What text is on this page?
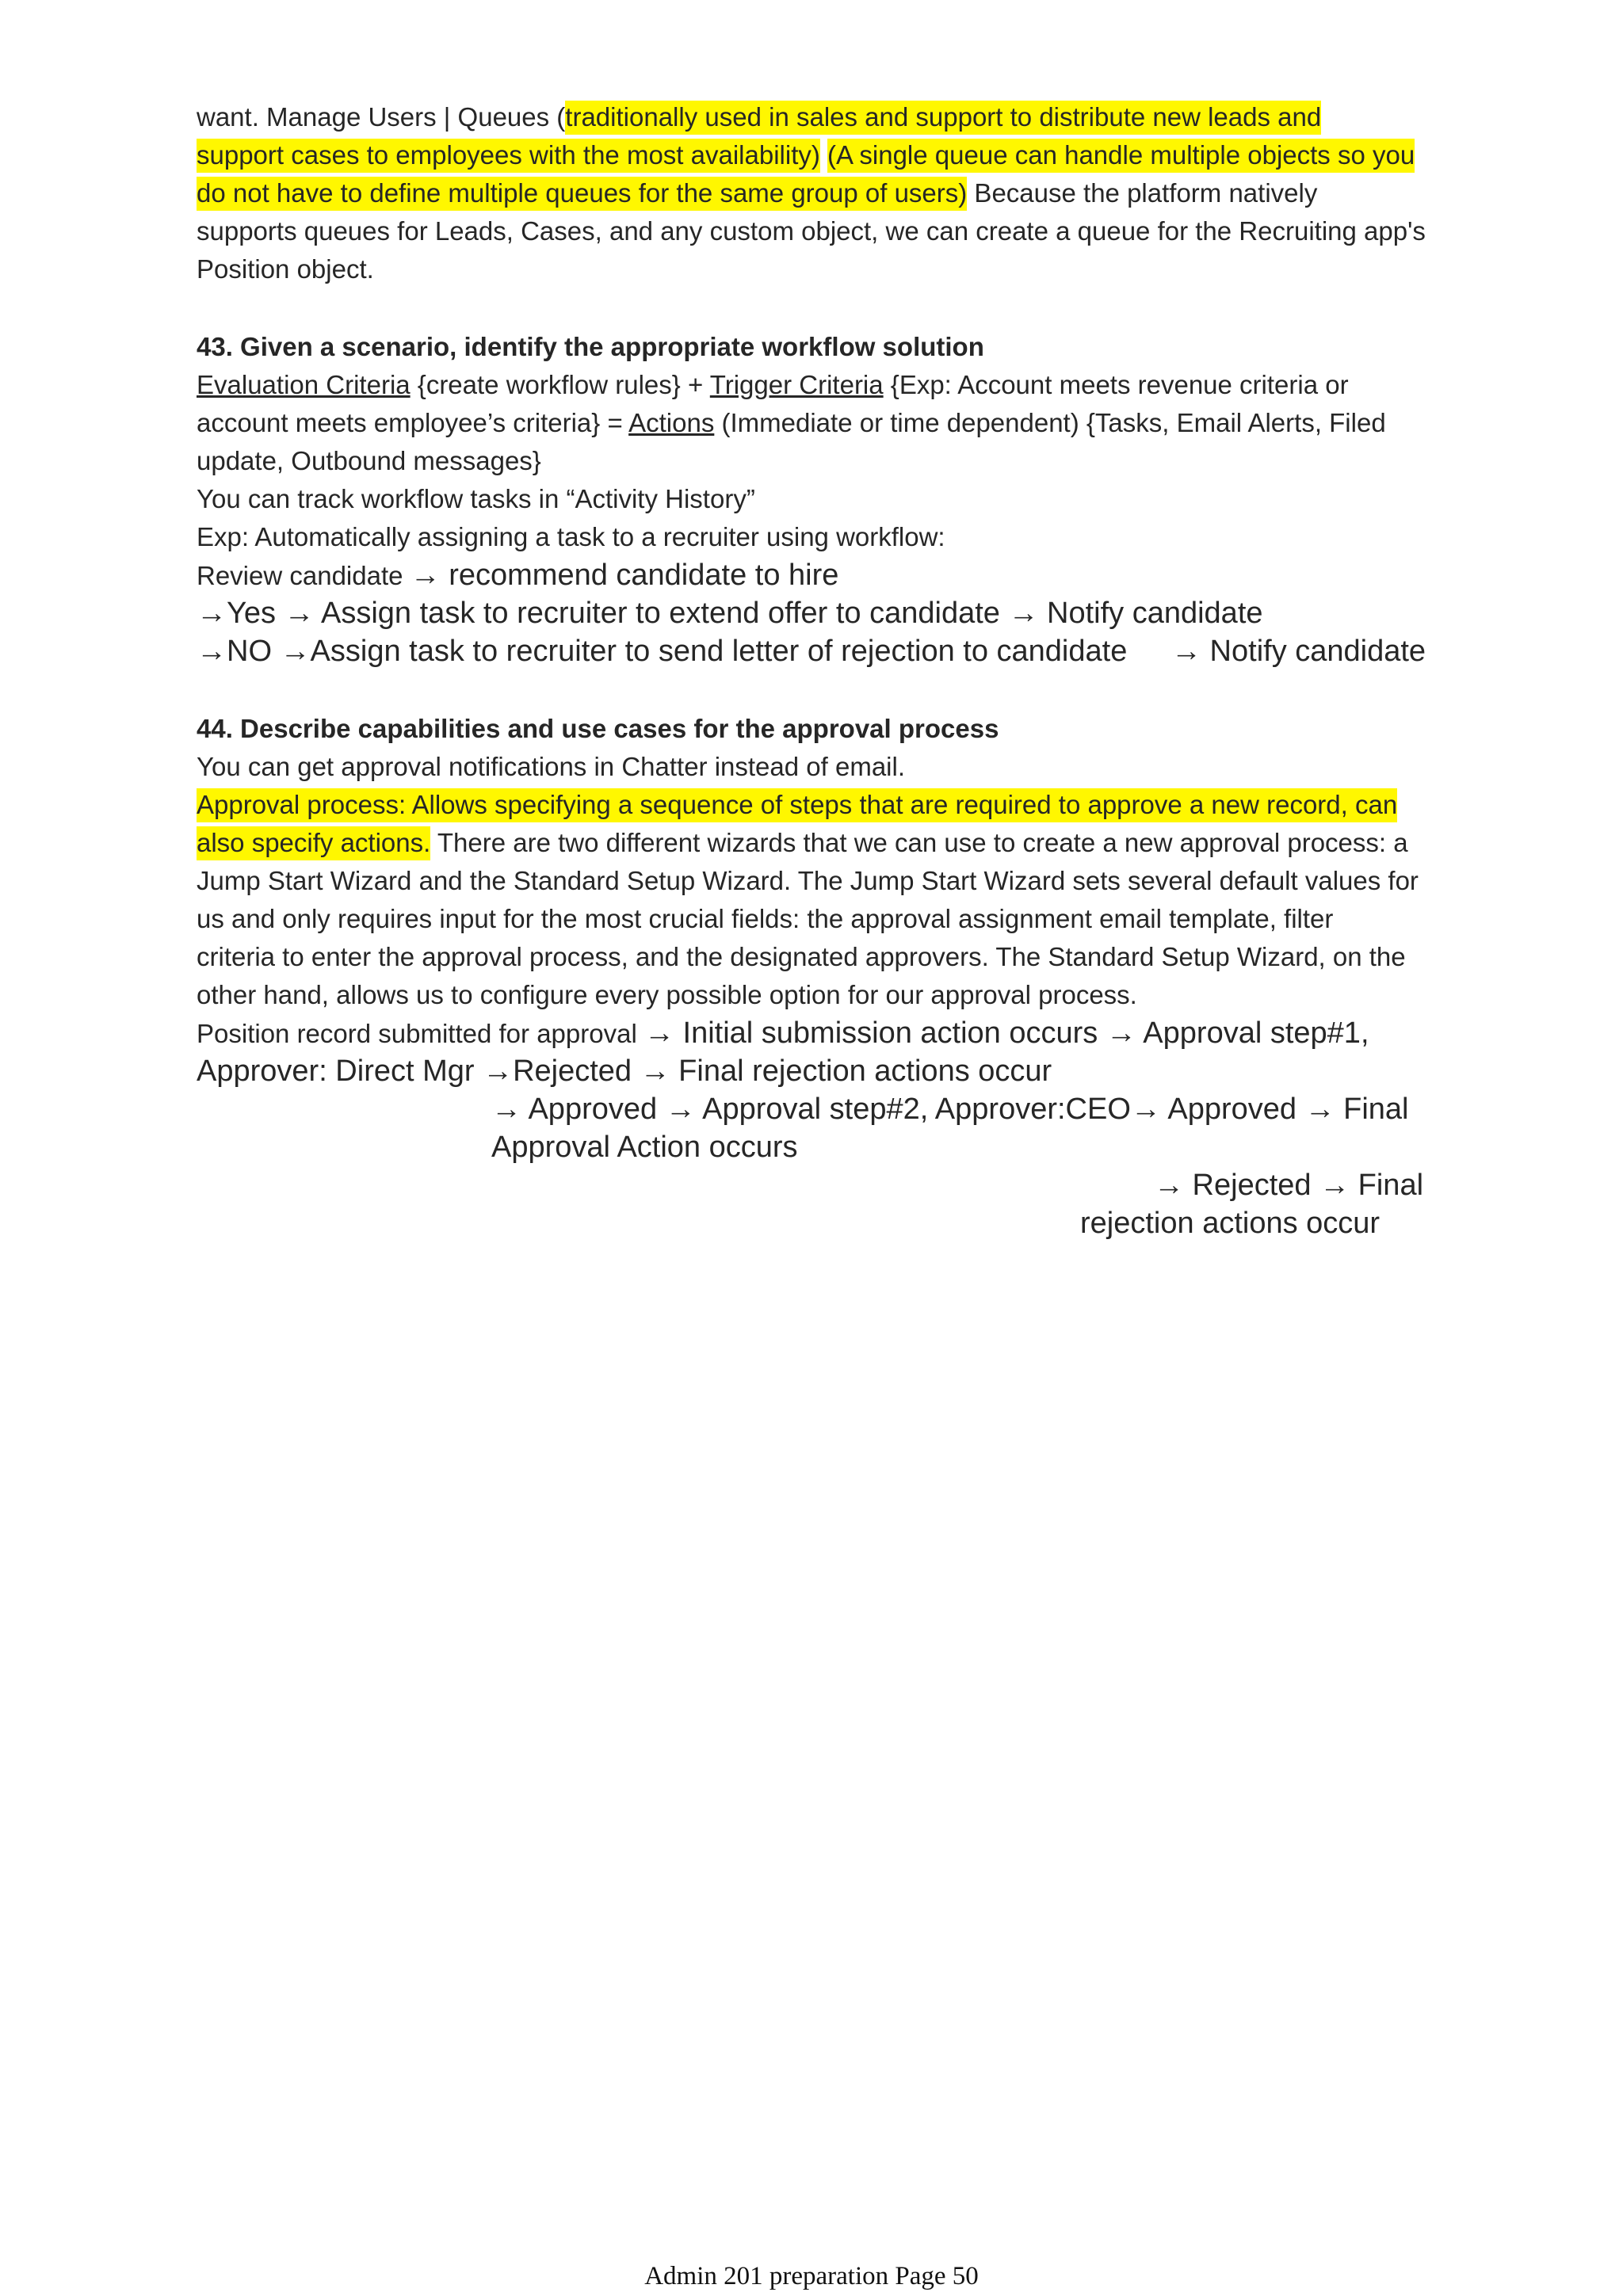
want. Manage Users | Queues (traditionally used in sales and support to distribute new leads and
support cases to employees with the most availability) (A single queue can handle multiple objects so you
do not have to define multiple queues for the same group of users) Because the platform natively
supports queues for Leads, Cases, and any custom object, we can create a queue for the Recruiting app's
Position object.
43. Given a scenario, identify the appropriate workflow solution
Evaluation Criteria {create workflow rules} + Trigger Criteria {Exp: Account meets revenue criteria or
account meets employee’s criteria} = Actions (Immediate or time dependent) {Tasks, Email Alerts, Filed
update, Outbound messages}
You can track workflow tasks in “Activity History”
Exp: Automatically assigning a task to a recruiter using workflow:
Review candidate → recommend candidate to hire
→Yes → Assign task to recruiter to extend offer to candidate → Notify candidate
→NO →Assign task to recruiter to send letter of rejection to candidate → Notify candidate
44. Describe capabilities and use cases for the approval process
You can get approval notifications in Chatter instead of email.
Approval process: Allows specifying a sequence of steps that are required to approve a new record, can
also specify actions. There are two different wizards that we can use to create a new approval process: a
Jump Start Wizard and the Standard Setup Wizard. The Jump Start Wizard sets several default values for
us and only requires input for the most crucial fields: the approval assignment email template, filter
criteria to enter the approval process, and the designated approvers. The Standard Setup Wizard, on the
other hand, allows us to configure every possible option for our approval process.
Position record submitted for approval → Initial submission action occurs → Approval step#1,
Approver: Direct Mgr →Rejected → Final rejection actions occur
→ Approved → Approval step#2, Approver:CEO→ Approved → Final
Approval Action occurs
→ Rejected → Final
rejection actions occur
Admin 201 preparation Page 50
